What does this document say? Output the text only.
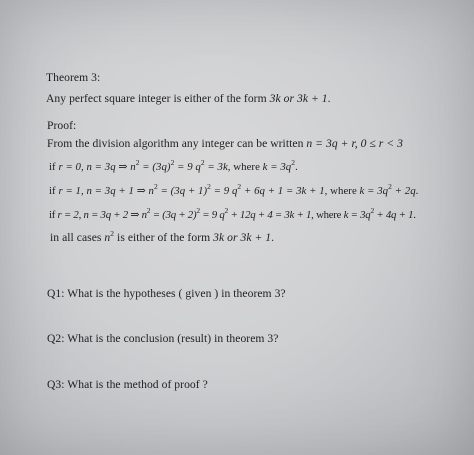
Theorem 3:
Any perfect square integer is either of the form 3k or 3k + 1.
Proof:
From the division algorithm any integer can be written n = 3q + r, 0 ≤ r < 3
if r = 0, n = 3q ⇒ $n^2 = (3q)^2 = 9$ $q^2 = 3k$, where $k = 3q^2$.
if r = 1, n = 3q + 1 ⇒ $n^2 = (3q + 1)^2 = 9$ $q^2 + 6q + 1 = 3k + 1$, where $k = 3q^2 + 2q$.
if r = 2, n = 3q + 2 ⇒ $n^2 = (3q + 2)^2 = 9$ $q^2 + 12q + 4 = 3k + 1$, where $k = 3q^2 + 4q + 1$.
in all cases $n^2$ is either of the form 3k or 3k + 1.
Q1: What is the hypotheses ( given ) in theorem 3?
Q2: What is the conclusion (result) in theorem 3?
Q3: What is the method of proof ?
